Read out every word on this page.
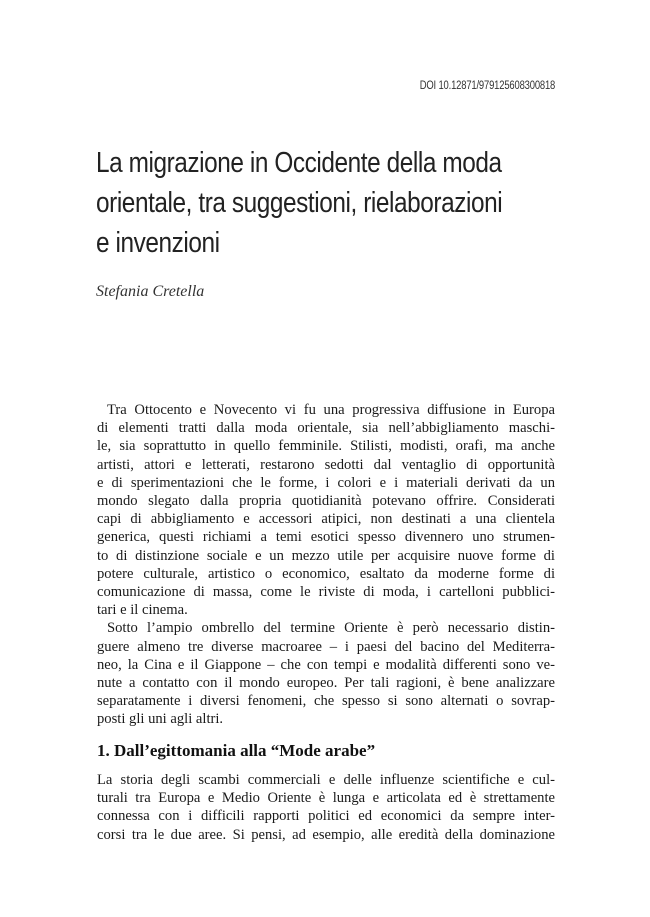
DOI 10.12871/979125608300818
La migrazione in Occidente della moda
orientale, tra suggestioni, rielaborazioni
e invenzioni
Stefania Cretella
Tra Ottocento e Novecento vi fu una progressiva diffusione in Europa
di elementi tratti dalla moda orientale, sia nell’abbigliamento maschi-
le, sia soprattutto in quello femminile. Stilisti, modisti, orafi, ma anche
artisti, attori e letterati, restarono sedotti dal ventaglio di opportunità
e di sperimentazioni che le forme, i colori e i materiali derivati da un
mondo slegato dalla propria quotidianità potevano offrire. Considerati
capi di abbigliamento e accessori atipici, non destinati a una clientela
generica, questi richiami a temi esotici spesso divennero uno strumen-
to di distinzione sociale e un mezzo utile per acquisire nuove forme di
potere culturale, artistico o economico, esaltato da moderne forme di
comunicazione di massa, come le riviste di moda, i cartelloni pubblici-
tari e il cinema.
Sotto l’ampio ombrello del termine Oriente è però necessario distin-
guere almeno tre diverse macroaree – i paesi del bacino del Mediterra-
neo, la Cina e il Giappone – che con tempi e modalità differenti sono ve-
nute a contatto con il mondo europeo. Per tali ragioni, è bene analizzare
separatamente i diversi fenomeni, che spesso si sono alternati o sovrap-
posti gli uni agli altri.
1. Dall’egittomania alla “Mode arabe”
La storia degli scambi commerciali e delle influenze scientifiche e cul-
turali tra Europa e Medio Oriente è lunga e articolata ed è strettamente
connessa con i difficili rapporti politici ed economici da sempre inter-
corsi tra le due aree. Si pensi, ad esempio, alle eredità della dominazione
